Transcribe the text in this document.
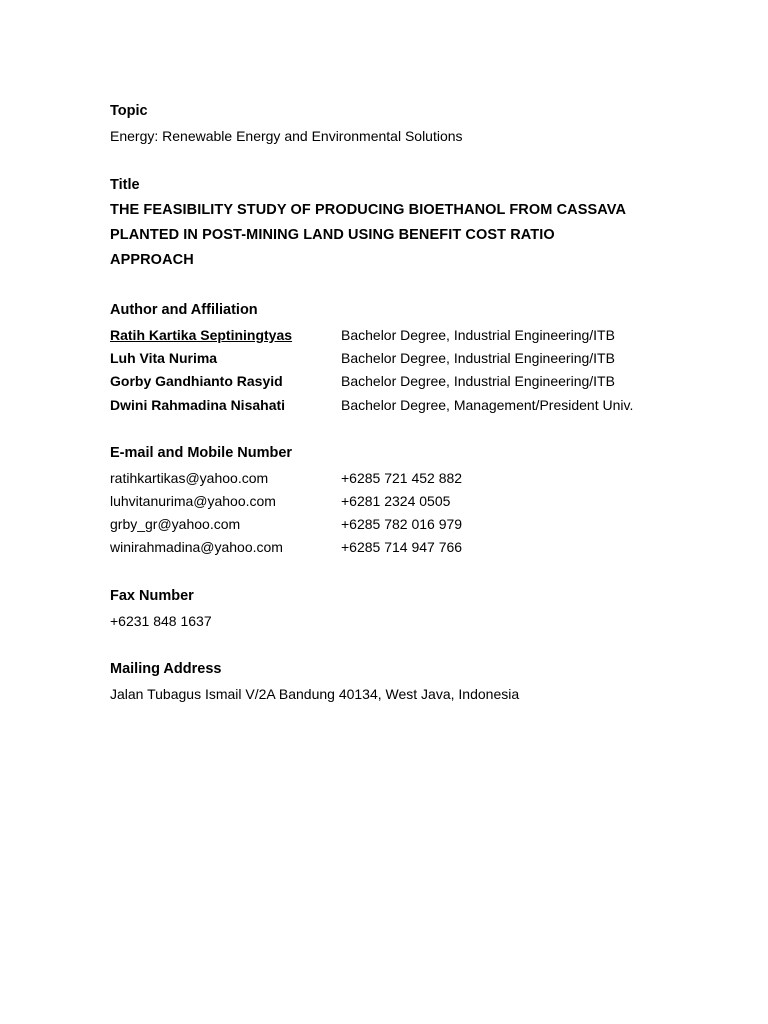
Topic
Energy: Renewable Energy and Environmental Solutions
Title
THE FEASIBILITY STUDY OF PRODUCING BIOETHANOL FROM CASSAVA
PLANTED IN POST-MINING LAND USING BENEFIT COST RATIO
APPROACH
Author and Affiliation
Ratih Kartika Septiningtyas	Bachelor Degree, Industrial Engineering/ITB
Luh Vita Nurima	Bachelor Degree, Industrial Engineering/ITB
Gorby Gandhianto Rasyid	Bachelor Degree, Industrial Engineering/ITB
Dwini Rahmadina Nisahati	Bachelor Degree, Management/President Univ.
E-mail and Mobile Number
ratihkartikas@yahoo.com	+6285 721 452 882
luhvitanurima@yahoo.com	+6281 2324 0505
grby_gr@yahoo.com	+6285 782 016 979
winirahmadina@yahoo.com	+6285 714 947 766
Fax Number
+6231 848 1637
Mailing Address
Jalan Tubagus Ismail V/2A Bandung 40134, West Java, Indonesia
